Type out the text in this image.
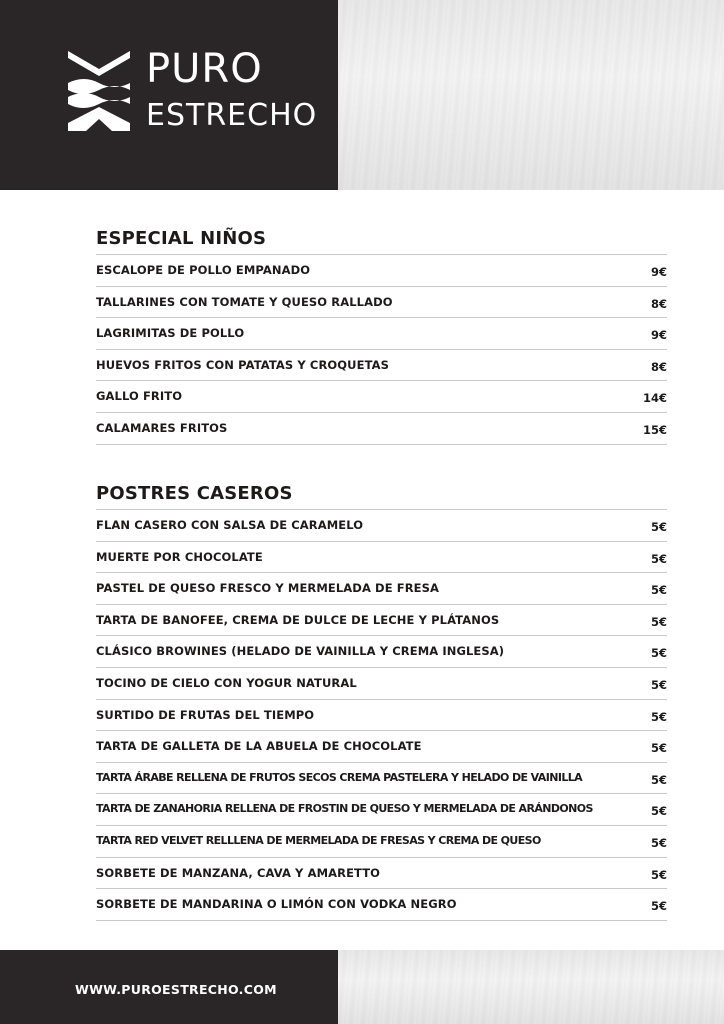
PURO
ESTRECHO
ESPECIAL NIÑOS
ESCALOPE DE POLLO EMPANADO	9€
TALLARINES CON TOMATE Y QUESO RALLADO	8€
LAGRIMITAS DE POLLO	9€
HUEVOS FRITOS CON PATATAS Y CROQUETAS	8€
GALLO FRITO	14€
CALAMARES FRITOS	15€
POSTRES CASEROS
FLAN CASERO CON SALSA DE CARAMELO	5€
MUERTE POR CHOCOLATE	5€
PASTEL DE QUESO FRESCO Y MERMELADA DE FRESA	5€
TARTA DE BANOFEE, CREMA DE DULCE DE LECHE Y PLÁTANOS	5€
CLÁSICO BROWINES (HELADO DE VAINILLA Y CREMA INGLESA)	5€
TOCINO DE CIELO CON YOGUR NATURAL	5€
SURTIDO DE FRUTAS DEL TIEMPO	5€
TARTA DE GALLETA DE LA ABUELA DE CHOCOLATE	5€
TARTA ÁRABE RELLENA DE FRUTOS SECOS CREMA PASTELERA Y HELADO DE VAINILLA	5€
TARTA DE ZANAHORIA RELLENA DE FROSTIN DE QUESO Y MERMELADA DE ARÁNDONOS	5€
TARTA RED VELVET RELLLENA DE MERMELADA DE FRESAS Y CREMA DE QUESO	5€
SORBETE DE MANZANA, CAVA Y AMARETTO	5€
SORBETE DE MANDARINA O LIMÓN CON VODKA NEGRO	5€
WWW.PUROESTRECHO.COM
